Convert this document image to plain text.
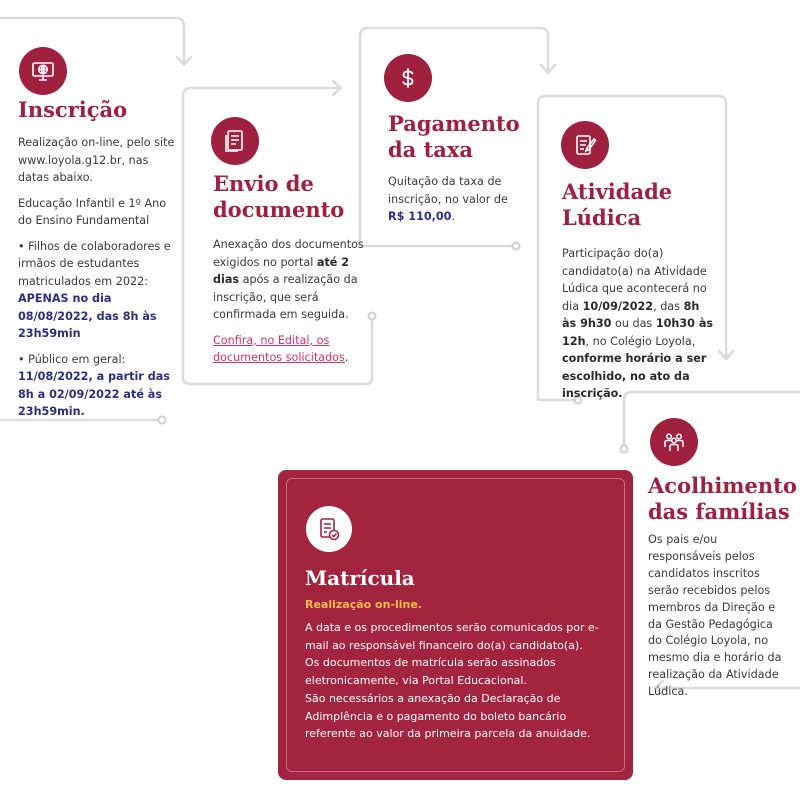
Inscrição

Realização on-line, pelo site www.loyola.g12.br, nas datas abaixo.

Educação Infantil e 1º Ano do Ensino Fundamental

• Filhos de colaboradores e irmãos de estudantes matriculados em 2022: APENAS no dia 08/08/2022, das 8h às 23h59min

• Público em geral: 11/08/2022, a partir das 8h a 02/09/2022 até às 23h59min.

Envio de
documento

Anexação dos documentos exigidos no portal até 2 dias após a realização da inscrição, que será confirmada em seguida.

Confira, no Edital, os documentos solicitados.

Pagamento
da taxa

Quitação da taxa de inscrição, no valor de R$ 110,00.

Atividade
Lúdica

Participação do(a) candidato(a) na Atividade Lúdica que acontecerá no dia 10/09/2022, das 8h às 9h30 ou das 10h30 às 12h, no Colégio Loyola, conforme horário a ser escolhido, no ato da inscrição.

Acolhimento
das famílias
Os pais e/ou responsáveis pelos candidatos inscritos serão recebidos pelos membros da Direção e da Gestão Pedagógica do Colégio Loyola, no mesmo dia e horário da realização da Atividade Lúdica.
Matrícula
Realização on-line.
A data e os procedimentos serão comunicados por e-mail ao responsável financeiro do(a) candidato(a).
Os documentos de matrícula serão assinados eletronicamente, via Portal Educacional.
São necessários a anexação da Declaração de Adimplência e o pagamento do boleto bancário referente ao valor da primeira parcela da anuidade.
